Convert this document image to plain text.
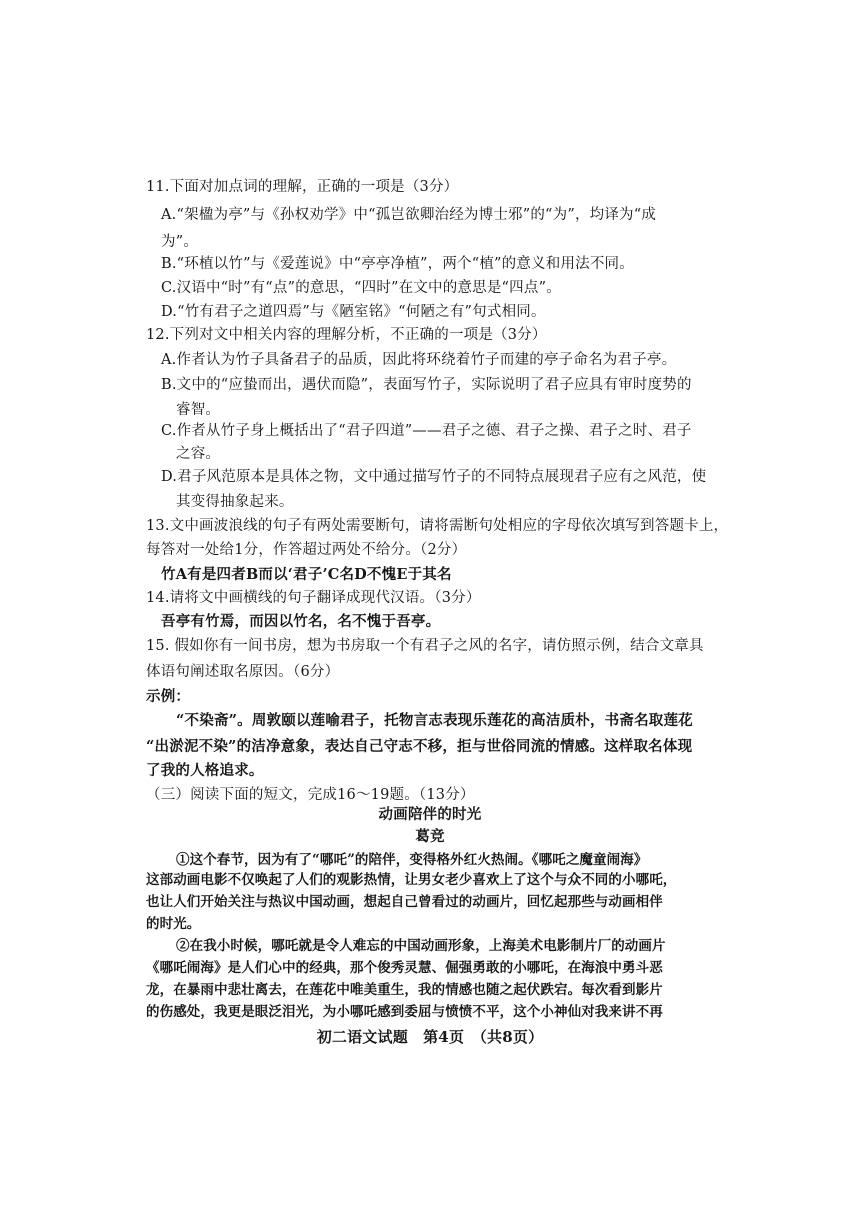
11.下面对加点词的理解，正确的一项是（3分）
A.“架楹为亭”与《孙权劝学》中“孤岂欲卿治经为博士邪”的“为”，均译为“成
为”。
B.“环植以竹”与《爱莲说》中“亭亭净植”，两个“植”的意义和用法不同。
C.汉语中“时”有“点”的意思，“四时”在文中的意思是“四点”。
D.“竹有君子之道四焉”与《陋室铭》“何陋之有”句式相同。
12.下列对文中相关内容的理解分析，不正确的一项是（3分）
A.作者认为竹子具备君子的品质，因此将环绕着竹子而建的亭子命名为君子亭。
B.文中的“应蛰而出，遇伏而隐”，表面写竹子，实际说明了君子应具有审时度势的
睿智。
C.作者从竹子身上概括出了“君子四道”——君子之德、君子之操、君子之时、君子
之容。
D.君子风范原本是具体之物，文中通过描写竹子的不同特点展现君子应有之风范，使
其变得抽象起来。
13.文中画波浪线的句子有两处需要断句，请将需断句处相应的字母依次填写到答题卡上，
每答对一处给1分，作答超过两处不给分。（2分）
竹A有是四者B而以‘君子’C名D不愧E于其名
14.请将文中画横线的句子翻译成现代汉语。（3分）
吾亭有竹焉，而因以竹名，名不愧于吾亭。
15. 假如你有一间书房，想为书房取一个有君子之风的名字，请仿照示例，结合文章具
体语句阐述取名原因。（6分）
示例：
“不染斋”。周敦颐以莲喻君子，托物言志表现乐莲花的高洁质朴，书斋名取莲花
“出淤泥不染”的洁净意象，表达自己守志不移，拒与世俗同流的情感。这样取名体现
了我的人格追求。
（三）阅读下面的短文，完成16～19题。（13分）
动画陪伴的时光
葛竞
①这个春节，因为有了“哪吒”的陪伴，变得格外红火热闹。《哪吒之魔童闹海》
这部动画电影不仅唤起了人们的观影热情，让男女老少喜欢上了这个与众不同的小哪吒，
也让人们开始关注与热议中国动画，想起自己曾看过的动画片，回忆起那些与动画相伴
的时光。
②在我小时候，哪吒就是令人难忘的中国动画形象，上海美术电影制片厂的动画片
《哪吒闹海》是人们心中的经典，那个俊秀灵慧、倔强勇敢的小哪吒，在海浪中勇斗恶
龙，在暴雨中悲壮离去，在莲花中唯美重生，我的情感也随之起伏跌宕。每次看到影片
的伤感处，我更是眼泛泪光，为小哪吒感到委屈与愤愤不平，这个小神仙对我来讲不再
初二语文试题　第4页　（共8页）
